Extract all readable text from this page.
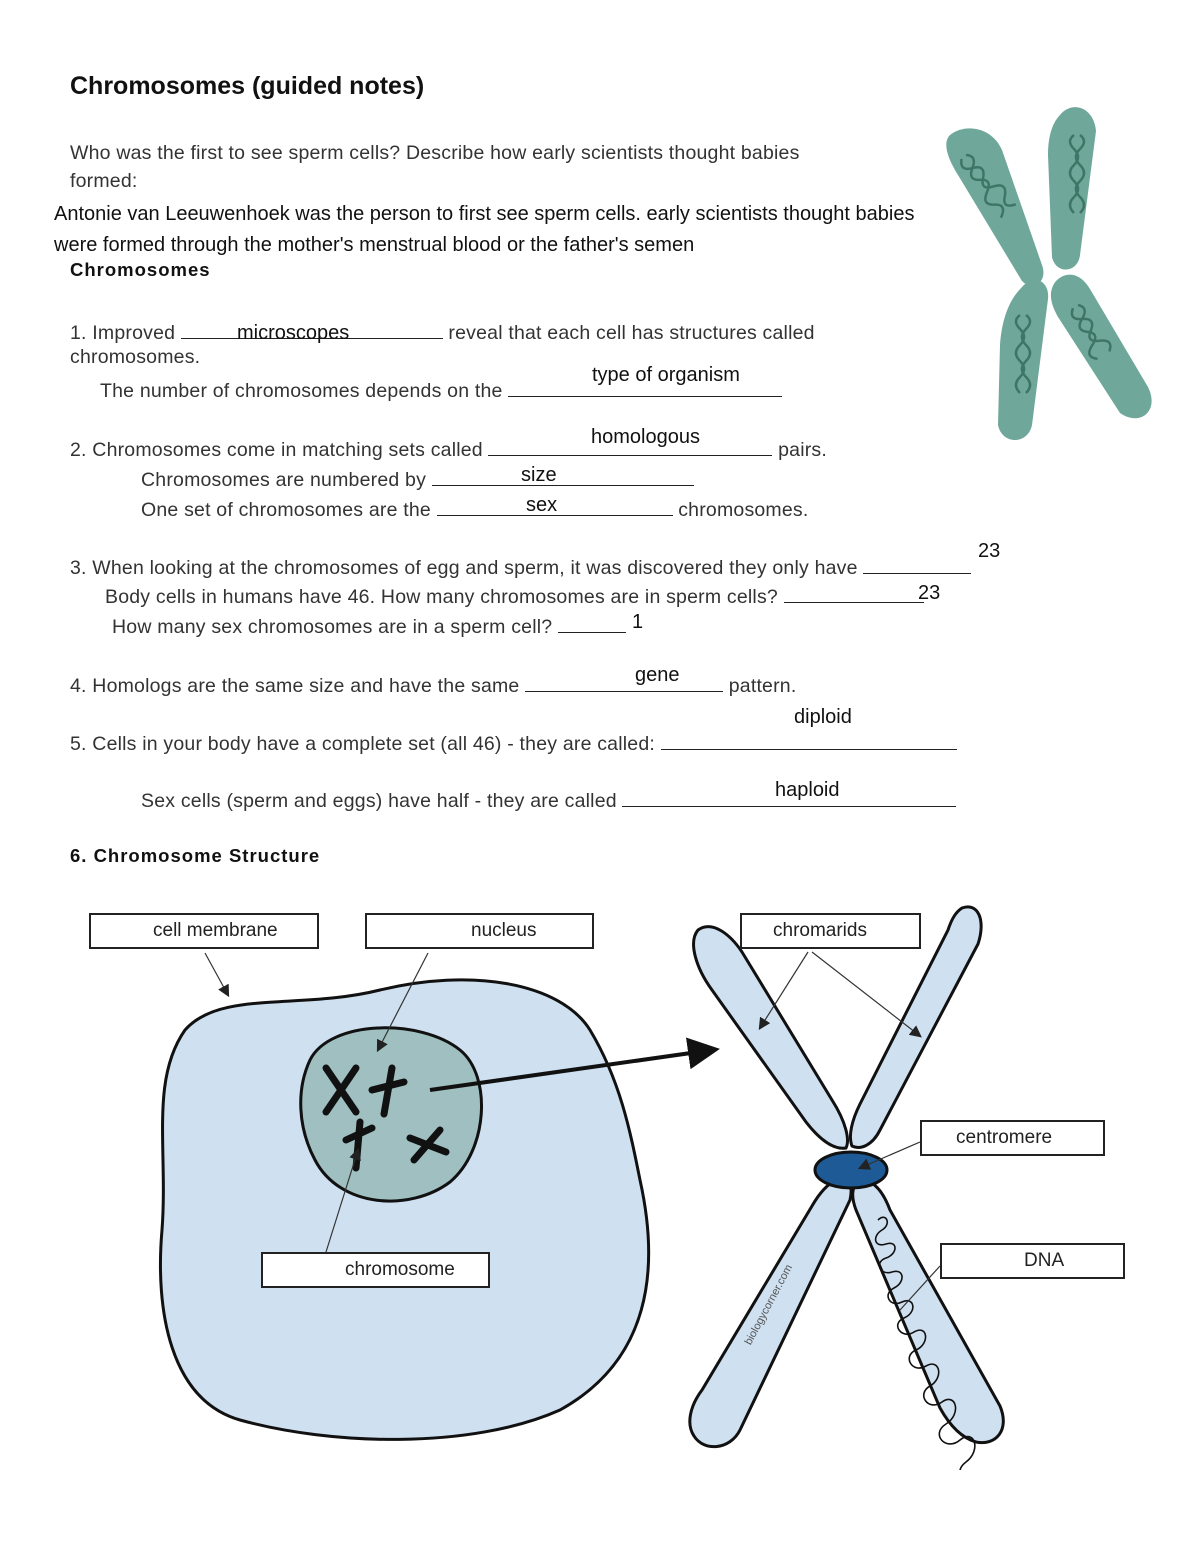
Chromosomes (guided notes)
Who was the first to see sperm cells? Describe how early scientists thought babies
formed:
Antonie van Leeuwenhoek was the person to first see sperm cells. early scientists thought babies
were formed through the mother's menstrual blood or the father's semen
Chromosomes
1. Improved	reveal that each cell has structures called
microscopes
chromosomes.
The number of chromosomes depends on the
type of organism
2. Chromosomes come in matching sets called	pairs.
homologous
Chromosomes are numbered by	size
One set of chromosomes are the	chromosomes.
sex
3. When looking at the chromosomes of egg and sperm, it was discovered they only have
23
Body cells in humans have 46. How many chromosomes are in sperm cells?	23
How many sex chromosomes are in a sperm cell?	1
4. Homologs are the same size and have the same	pattern.
gene
diploid
5. Cells in your body have a complete set (all 46) - they are called:
Sex cells (sperm and eggs) have half - they are called	haploid
6. Chromosome Structure
biologycorner.com
cell membrane	nucleus
chromosome
chromarids
centromere
DNA
